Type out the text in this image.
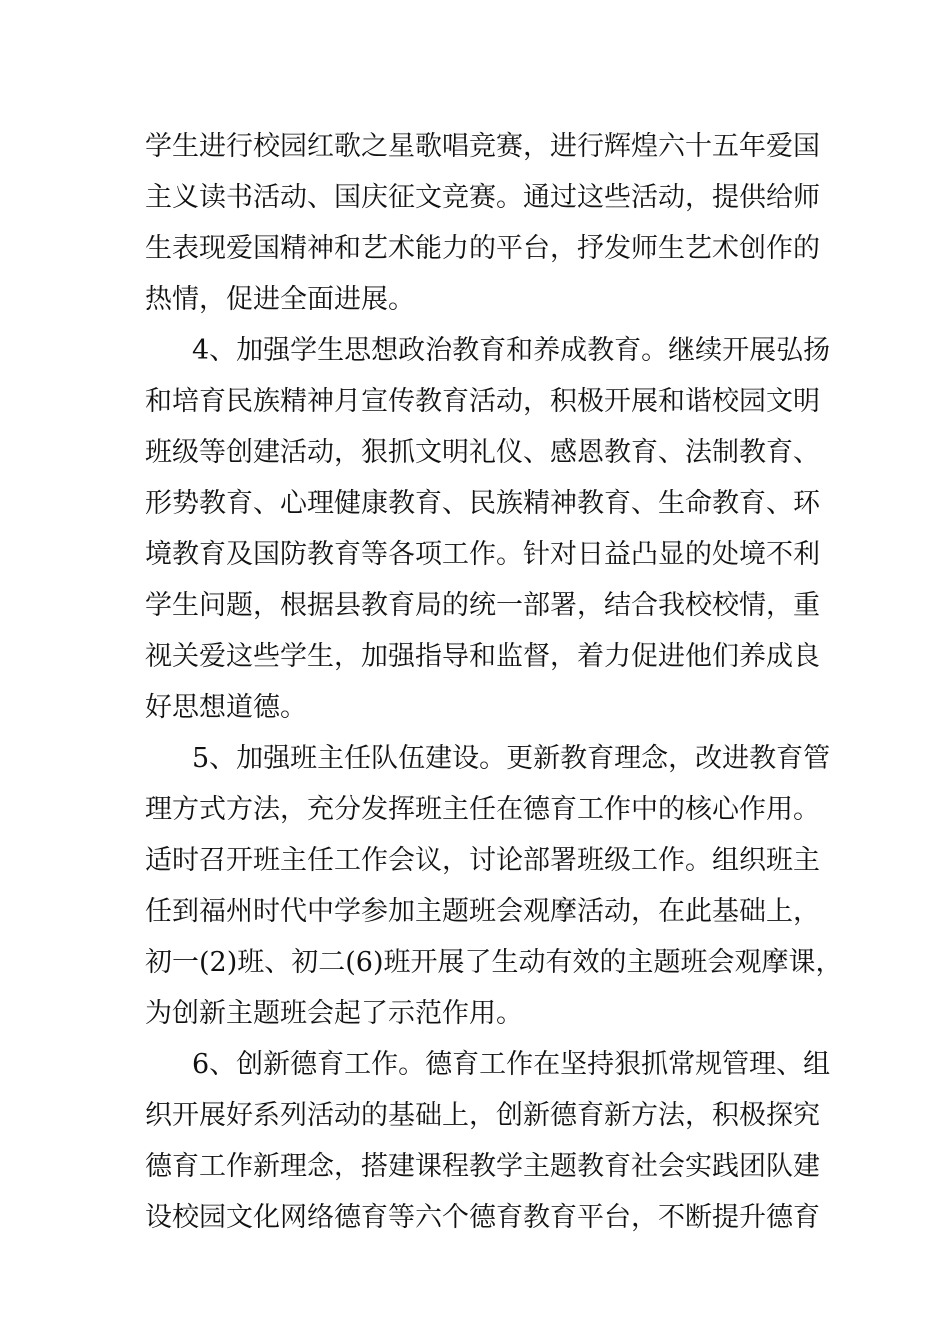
学生进行校园红歌之星歌唱竞赛，进行辉煌六十五年爱国
主义读书活动、国庆征文竞赛。通过这些活动，提供给师
生表现爱国精神和艺术能力的平台，抒发师生艺术创作的
热情，促进全面进展。
4、加强学生思想政治教育和养成教育。继续开展弘扬
和培育民族精神月宣传教育活动，积极开展和谐校园文明
班级等创建活动，狠抓文明礼仪、感恩教育、法制教育、
形势教育、心理健康教育、民族精神教育、生命教育、环
境教育及国防教育等各项工作。针对日益凸显的处境不利
学生问题，根据县教育局的统一部署，结合我校校情，重
视关爱这些学生，加强指导和监督，着力促进他们养成良
好思想道德。
5、加强班主任队伍建设。更新教育理念，改进教育管
理方式方法，充分发挥班主任在德育工作中的核心作用。
适时召开班主任工作会议，讨论部署班级工作。组织班主
任到福州时代中学参加主题班会观摩活动，在此基础上，
初一(2)班、初二(6)班开展了生动有效的主题班会观摩课，
为创新主题班会起了示范作用。
6、创新德育工作。德育工作在坚持狠抓常规管理、组
织开展好系列活动的基础上，创新德育新方法，积极探究
德育工作新理念，搭建课程教学主题教育社会实践团队建
设校园文化网络德育等六个德育教育平台，不断提升德育
